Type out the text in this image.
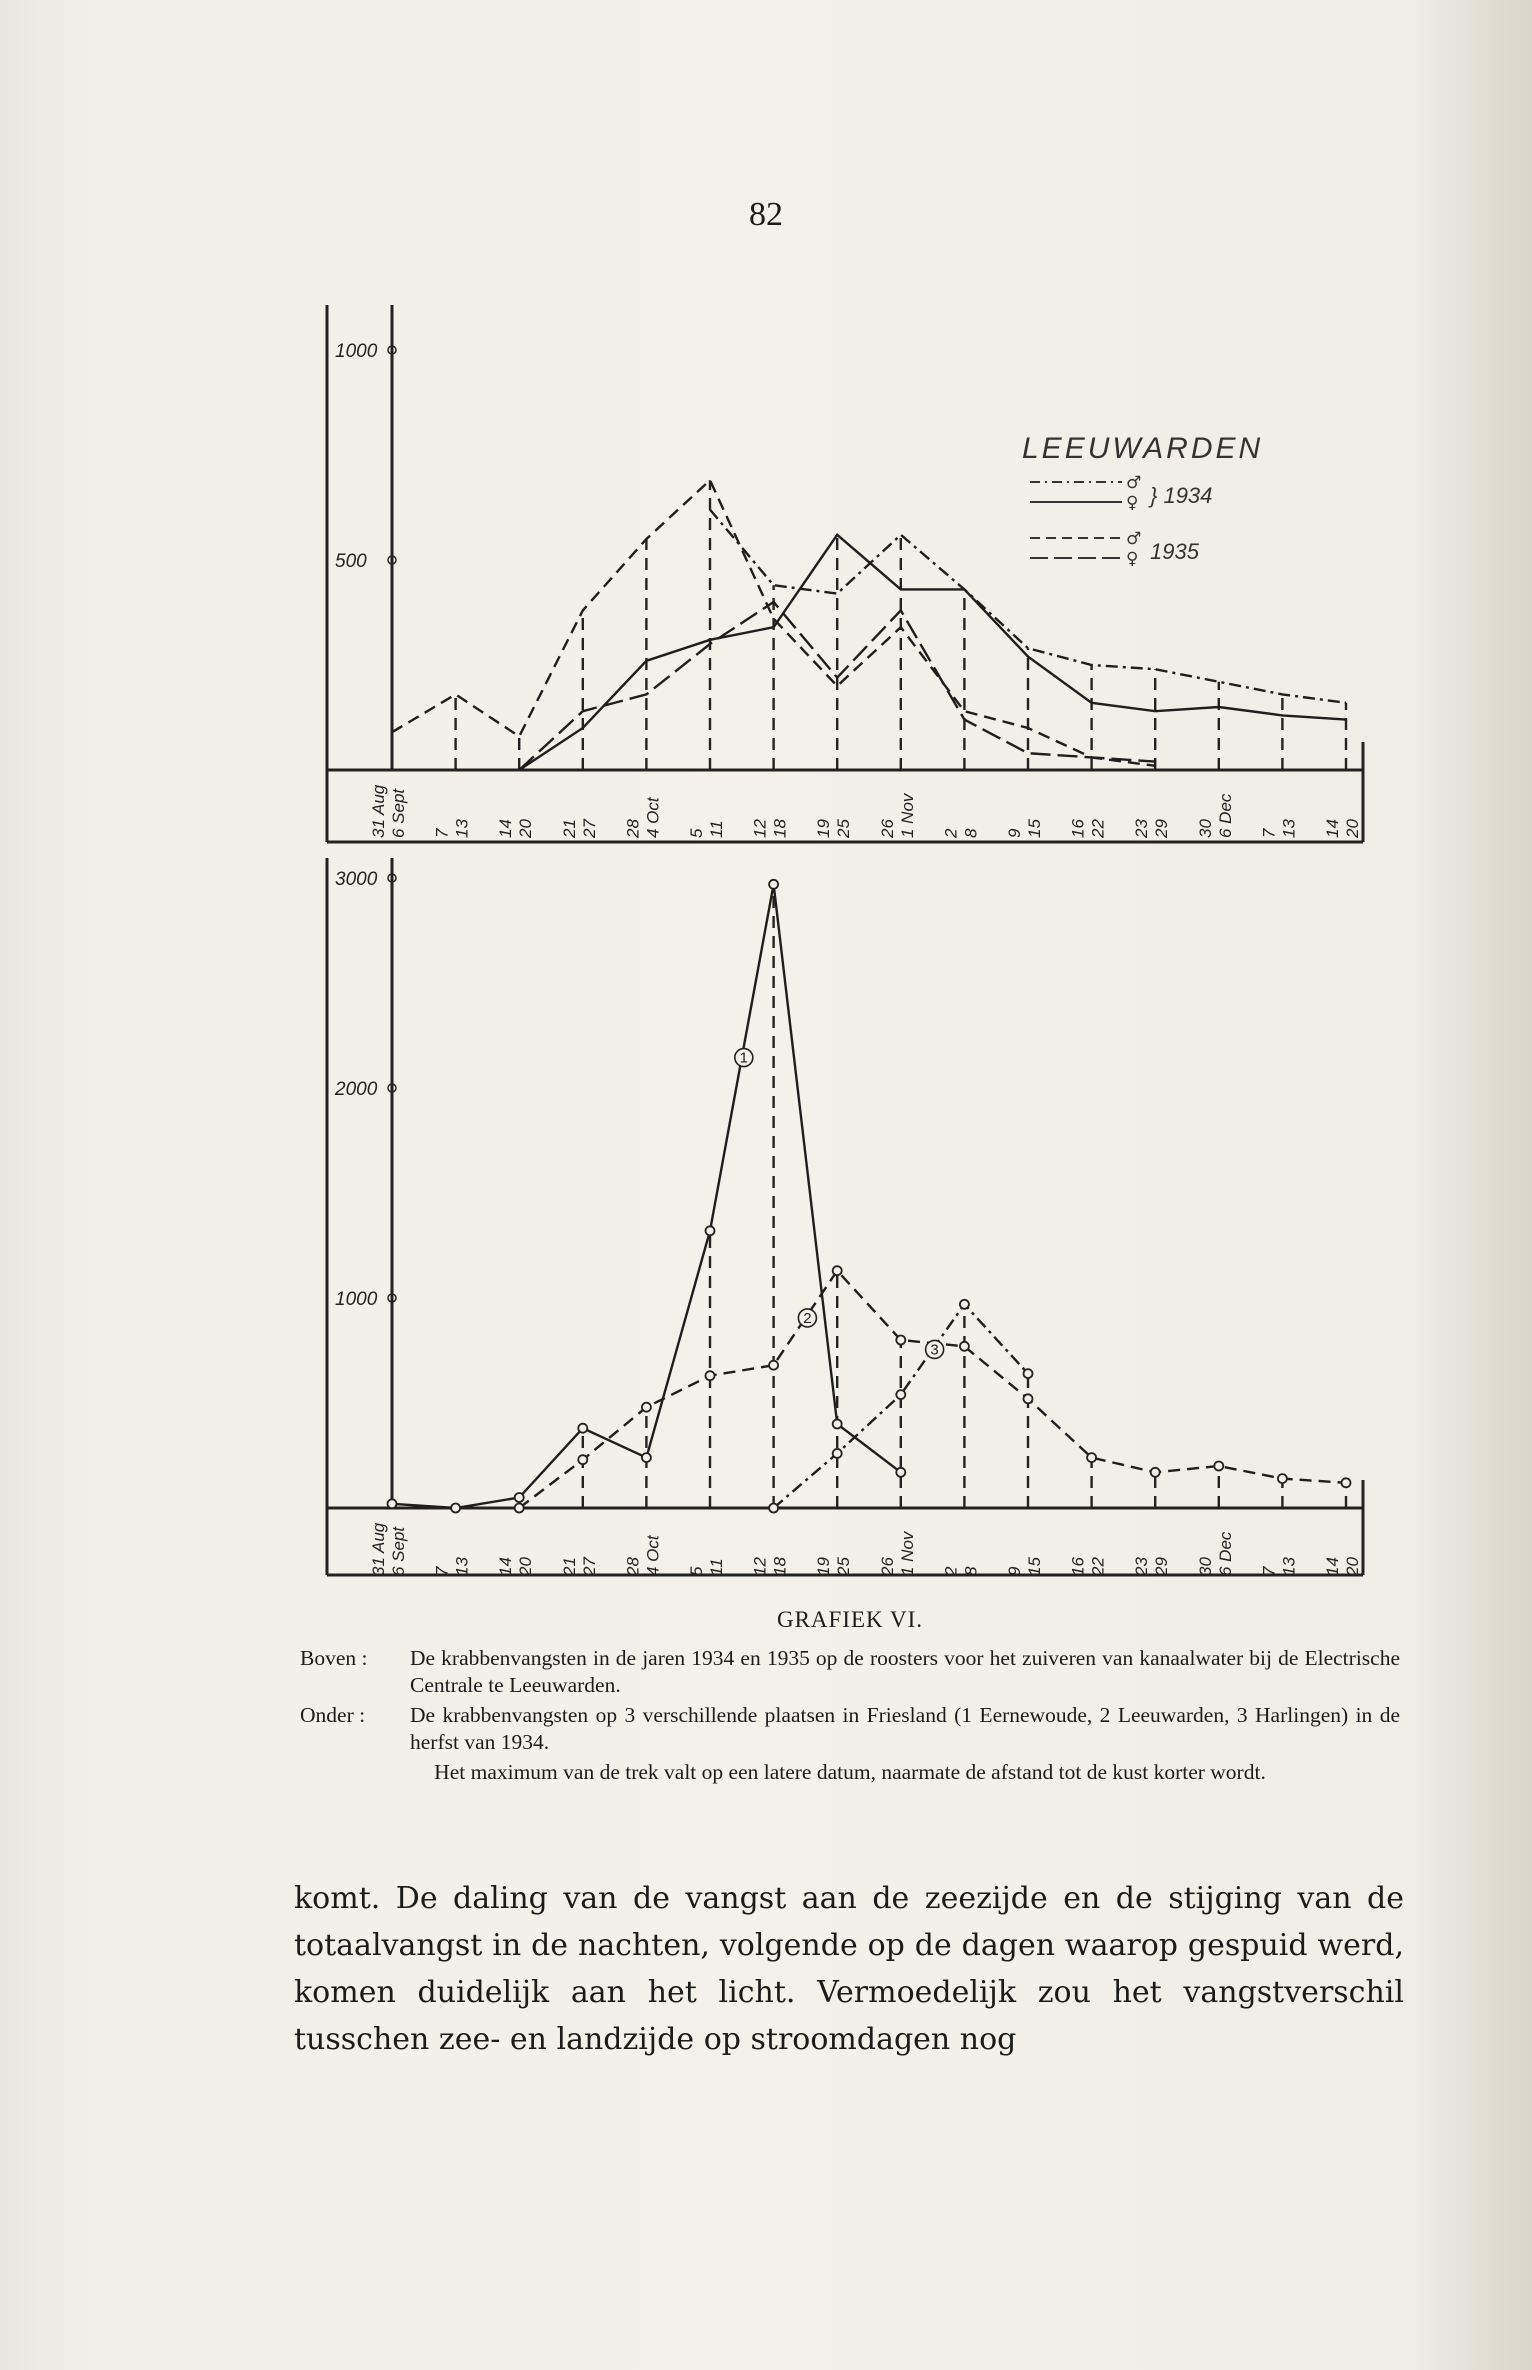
82
1000
500
31 Aug 6 Sept 7 13 14 20 21 27 28 4 Oct 5 11 12 18 19 25 26 1 Nov 2 8 9 15 16 22 23 29 30 6 Dec 7 13 14 20
LEEUWARDEN
♂
♀ } 1934
♂
♀ 1935
1
2
3
3000
2000
1000
31 Aug 6 Sept 7 13 14 20 21 27 28 4 Oct 5 11 12 18 19 25 26 1 Nov 2 8 9 15 16 22 23 29 30 6 Dec 7 13 14 20
GRAFIEK VI.
Boven :	De krabbenvangsten in de jaren 1934 en 1935 op de roosters voor het zuiveren van kanaalwater bij de Electrische Centrale te Leeuwarden.
Onder :	De krabbenvangsten op 3 verschillende plaatsen in Friesland (1 Eernewoude, 2 Leeuwarden, 3 Harlingen) in de herfst van 1934.
Het maximum van de trek valt op een latere datum, naarmate de afstand tot de kust korter wordt.
komt. De daling van de vangst aan de zeezijde en de stijging van de totaalvangst in de nachten, volgende op de dagen waarop gespuid werd, komen duidelijk aan het licht. Vermoedelijk zou het vangstverschil tusschen zee- en landzijde op stroomdagen nog
